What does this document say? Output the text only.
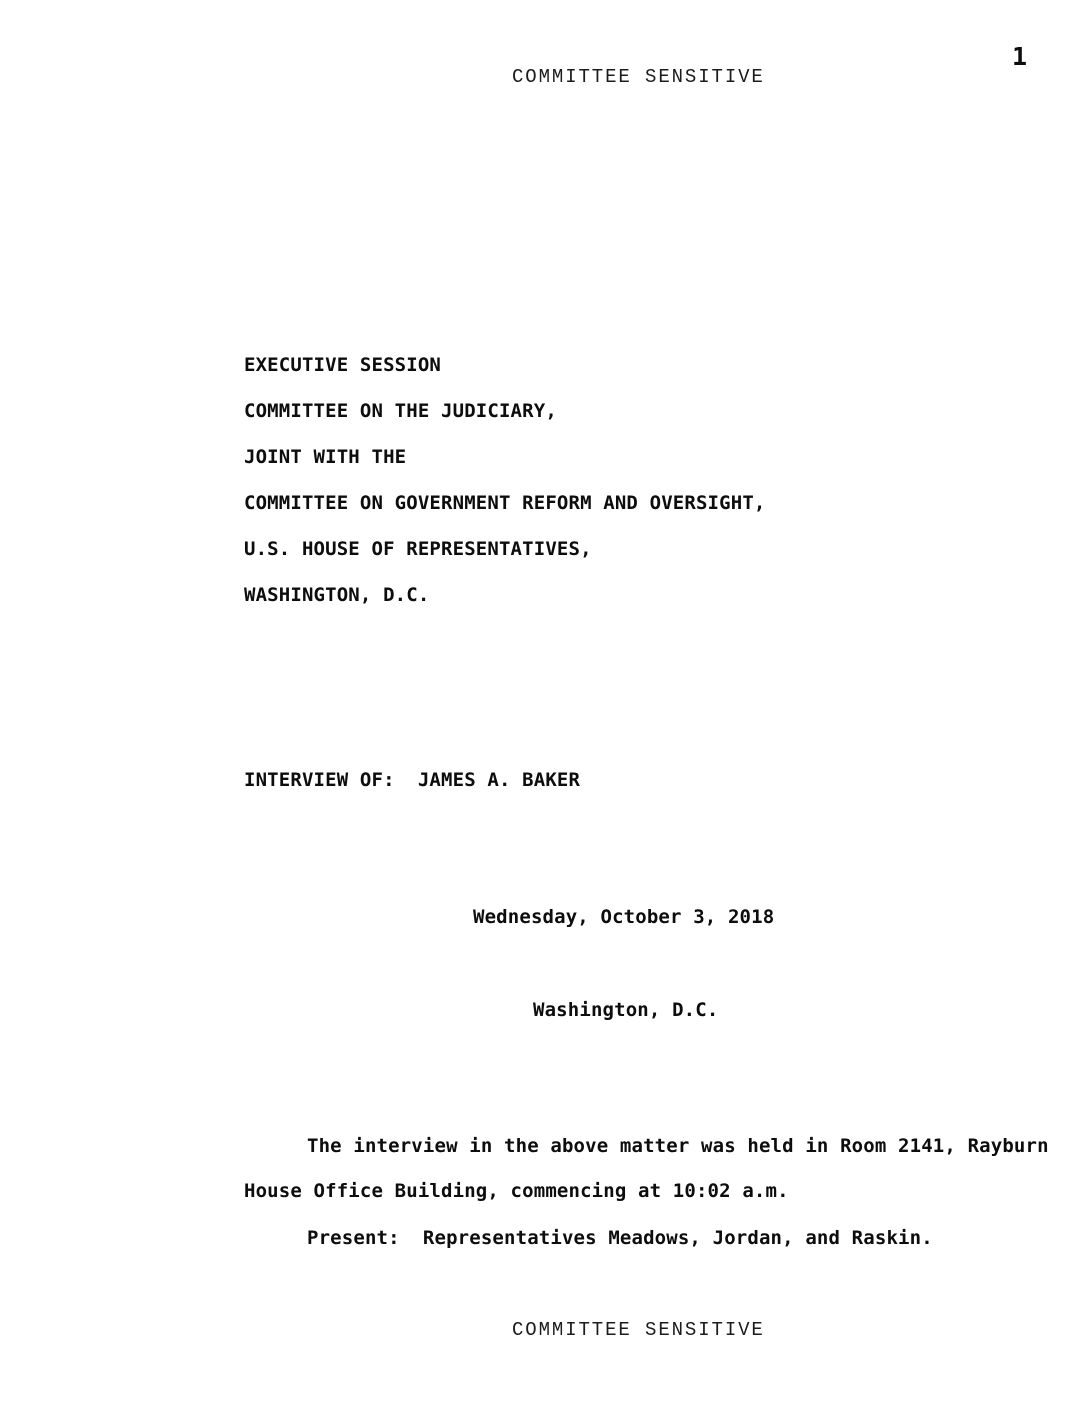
COMMITTEE SENSITIVE
1
EXECUTIVE SESSION
COMMITTEE ON THE JUDICIARY,
JOINT WITH THE
COMMITTEE ON GOVERNMENT REFORM AND OVERSIGHT,
U.S. HOUSE OF REPRESENTATIVES,
WASHINGTON, D.C.
INTERVIEW OF:  JAMES A. BAKER
Wednesday, October 3, 2018
Washington, D.C.
The interview in the above matter was held in Room 2141, Rayburn
House Office Building, commencing at 10:02 a.m.
Present:  Representatives Meadows, Jordan, and Raskin.
COMMITTEE SENSITIVE
